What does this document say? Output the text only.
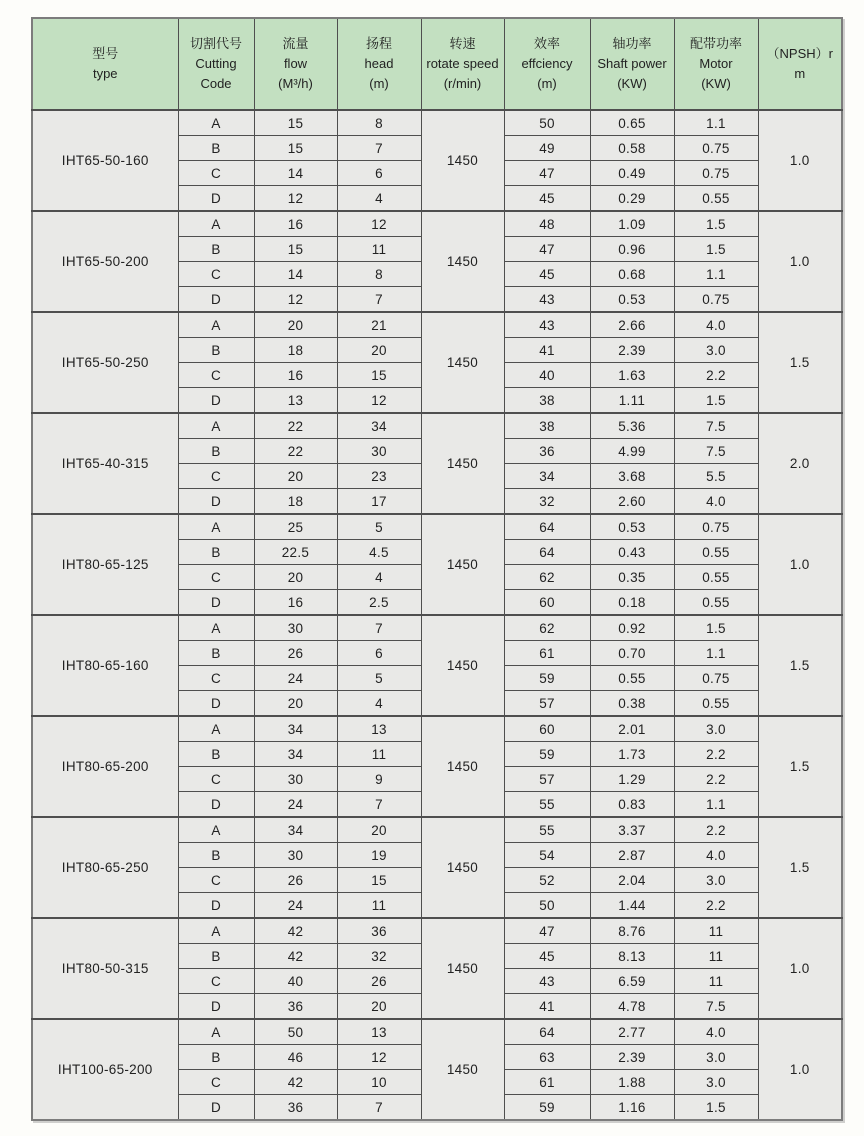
型号
type

切割代号
Cutting
Code

流量
flow
(M³/h)

扬程
head
(m)

转速
rotate speed
(r/min)

效率
effciency
(m)

轴功率
Shaft power
(KW)

配带功率
Motor
(KW)

（NPSH）r
m

IHT65-50-160	A	15	8	1450	50	0.65	1.1	1.0
	B	15	7		49	0.58	0.75	
	C	14	6		47	0.49	0.75	
	D	12	4		45	0.29	0.55	
IHT65-50-200	A	16	12	1450	48	1.09	1.5	1.0
	B	15	11		47	0.96	1.5	
	C	14	8		45	0.68	1.1	
	D	12	7		43	0.53	0.75	
IHT65-50-250	A	20	21	1450	43	2.66	4.0	1.5
	B	18	20		41	2.39	3.0	
	C	16	15		40	1.63	2.2	
	D	13	12		38	1.11	1.5	
IHT65-40-315	A	22	34	1450	38	5.36	7.5	2.0
	B	22	30		36	4.99	7.5	
	C	20	23		34	3.68	5.5	
	D	18	17		32	2.60	4.0	
IHT80-65-125	A	25	5	1450	64	0.53	0.75	1.0
	B	22.5	4.5		64	0.43	0.55	
	C	20	4		62	0.35	0.55	
	D	16	2.5		60	0.18	0.55	
IHT80-65-160	A	30	7	1450	62	0.92	1.5	1.5
	B	26	6		61	0.70	1.1	
	C	24	5		59	0.55	0.75	
	D	20	4		57	0.38	0.55	
IHT80-65-200	A	34	13	1450	60	2.01	3.0	1.5
	B	34	11		59	1.73	2.2	
	C	30	9		57	1.29	2.2	
	D	24	7		55	0.83	1.1	
IHT80-65-250	A	34	20	1450	55	3.37	2.2	1.5
	B	30	19		54	2.87	4.0	
	C	26	15		52	2.04	3.0	
	D	24	11		50	1.44	2.2	
IHT80-50-315	A	42	36	1450	47	8.76	11	1.0
	B	42	32		45	8.13	11	
	C	40	26		43	6.59	11	
	D	36	20		41	4.78	7.5	
IHT100-65-200	A	50	13	1450	64	2.77	4.0	1.0
	B	46	12		63	2.39	3.0	
	C	42	10		61	1.88	3.0	
	D	36	7		59	1.16	1.5	
